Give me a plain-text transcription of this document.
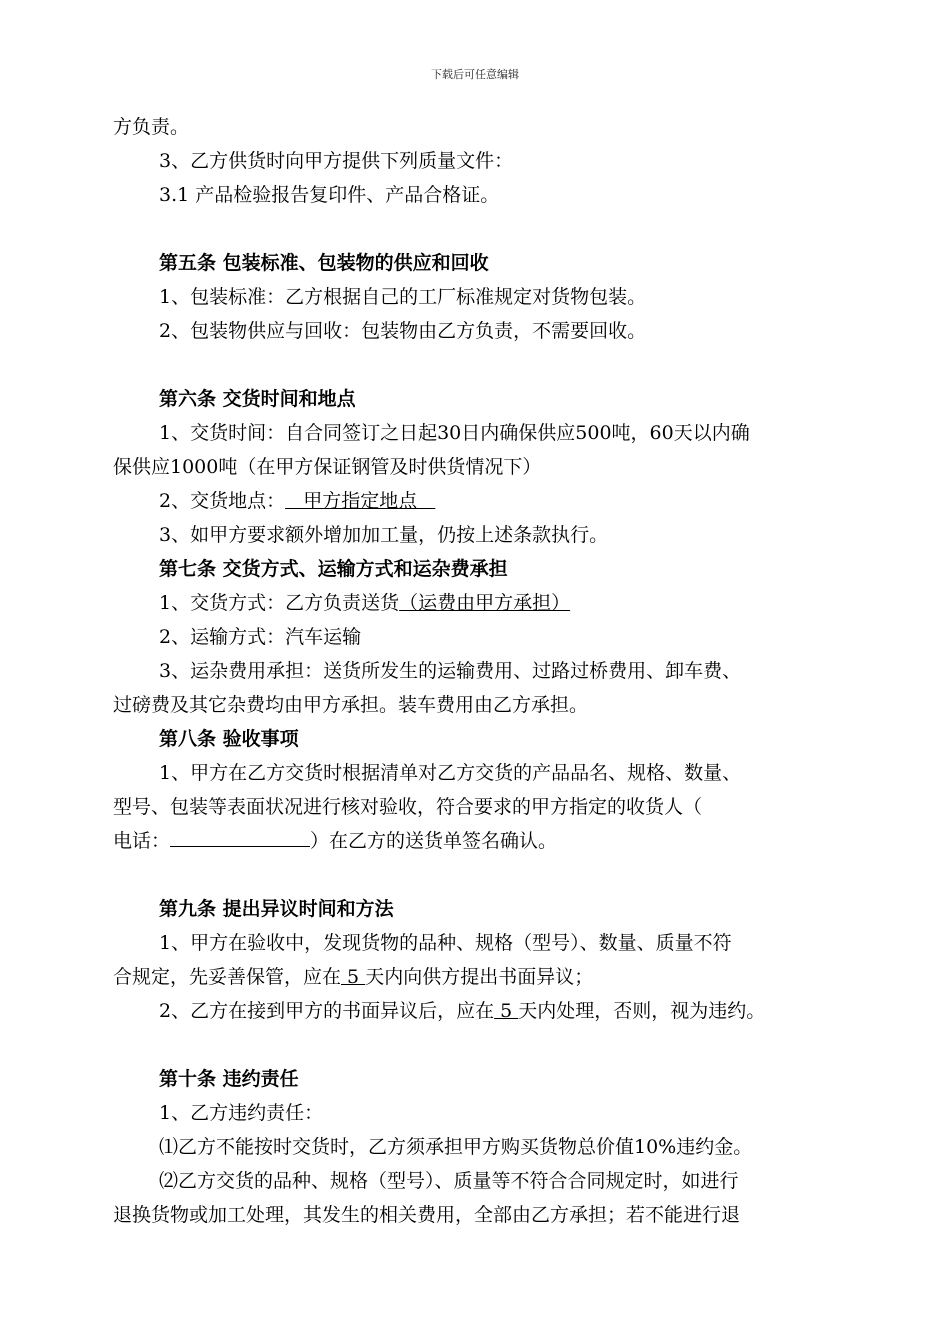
下载后可任意编辑

方负责。

3、乙方供货时向甲方提供下列质量文件：

3.1 产品检验报告复印件、产品合格证。

第五条 包装标准、包装物的供应和回收

1、包装标准：乙方根据自己的工厂标准规定对货物包装。

2、包装物供应与回收：包装物由乙方负责，不需要回收。

第六条 交货时间和地点

1、交货时间：自合同签订之日起30日内确保供应500吨，60天以内确

保供应1000吨（在甲方保证钢管及时供货情况下）

2、交货地点：   甲方指定地点

3、如甲方要求额外增加加工量，仍按上述条款执行。

第七条 交货方式、运输方式和运杂费承担

1、交货方式：乙方负责送货（运费由甲方承担）

2、运输方式：汽车运输

3、运杂费用承担：送货所发生的运输费用、过路过桥费用、卸车费、

过磅费及其它杂费均由甲方承担。装车费用由乙方承担。

第八条 验收事项

1、甲方在乙方交货时根据清单对乙方交货的产品品名、规格、数量、

型号、包装等表面状况进行核对验收，符合要求的甲方指定的收货人（

电话：	）在乙方的送货单签名确认。

第九条 提出异议时间和方法

1、甲方在验收中，发现货物的品种、规格（型号）、数量、质量不符

合规定，先妥善保管，应在 5 天内向供方提出书面异议；

2、乙方在接到甲方的书面异议后，应在 5 天内处理，否则，视为违约。

第十条 违约责任

1、乙方违约责任：

⑴乙方不能按时交货时，乙方须承担甲方购买货物总价值10%违约金。

⑵乙方交货的品种、规格（型号）、质量等不符合合同规定时，如进行

退换货物或加工处理，其发生的相关费用，全部由乙方承担；若不能进行退
